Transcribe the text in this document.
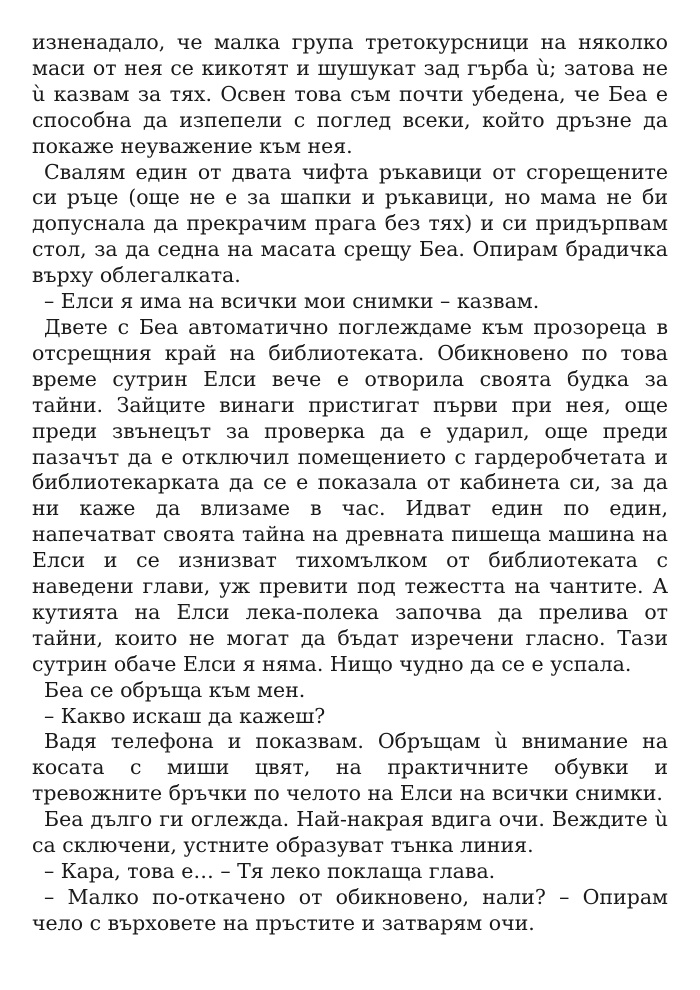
изненадало, че малка група третокурсници на няколко маси от нея се кикотят и шушукат зад гърба ù; затова не ù казвам за тях. Освен това съм почти убедена, че Беа е способна да изпепели с поглед всеки, който дръзне да покаже неуважение към нея.

Свалям един от двата чифта ръкавици от сгорещените си ръце (още не е за шапки и ръкавици, но мама не би допуснала да прекрачим прага без тях) и си придърпвам стол, за да седна на масата срещу Беа. Опирам брадичка върху облегалката.

– Елси я има на всички мои снимки – казвам.

Двете с Беа автоматично поглеждаме към прозореца в отсрещния край на библиотеката. Обикновено по това време сутрин Елси вече е отворила своята будка за тайни. Зайците винаги пристигат първи при нея, още преди звънецът за проверка да е ударил, още преди пазачът да е отключил помещението с гардеробчетата и библиотекарката да се е показала от кабинета си, за да ни каже да влизаме в час. Идват един по един, напечатват своята тайна на древната пишеща машина на Елси и се изнизват тихомълком от библиотеката с наведени глави, уж превити под тежестта на чантите. А кутията на Елси лека-полека започва да прелива от тайни, които не могат да бъдат изречени гласно. Тази сутрин обаче Елси я няма. Нищо чудно да се е успала.

Беа се обръща към мен.

– Какво искаш да кажеш?

Вадя телефона и показвам. Обръщам ù внимание на косата с миши цвят, на практичните обувки и тревожните бръчки по челото на Елси на всички снимки.

Беа дълго ги оглежда. Най-накрая вдига очи. Веждите ù са сключени, устните образуват тънка линия.

– Кара, това е… – Тя леко поклаща глава.

– Малко по-откачено от обикновено, нали? – Опирам чело с върховете на пръстите и затварям очи.
